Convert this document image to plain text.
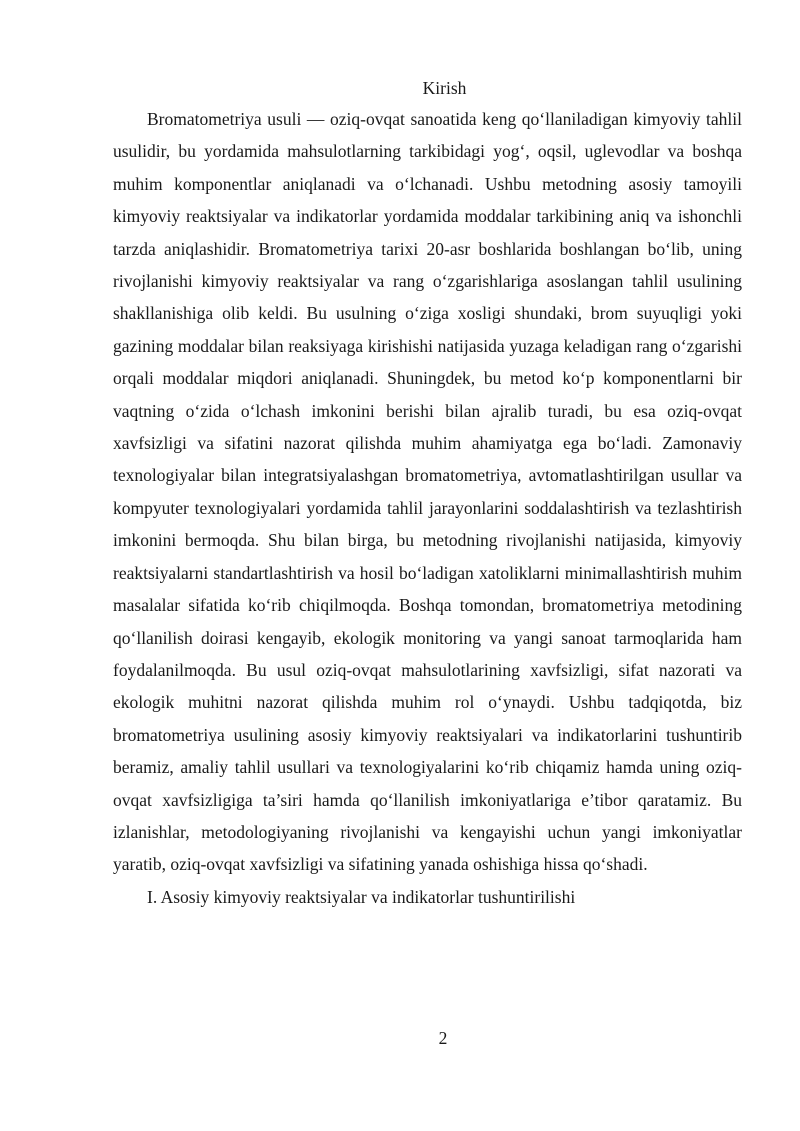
Kirish

Bromatometriya usuli — oziq-ovqat sanoatida keng qo‘llaniladigan kimyoviy tahlil usulidir, bu yordamida mahsulotlarning tarkibidagi yog‘, oqsil, uglevodlar va boshqa muhim komponentlar aniqlanadi va o‘lchanadi. Ushbu metodning asosiy tamoyili kimyoviy reaktsiyalar va indikatorlar yordamida moddalar tarkibining aniq va ishonchli tarzda aniqlashidir. Bromatometriya tarixi 20-asr boshlarida boshlangan bo‘lib, uning rivojlanishi kimyoviy reaktsiyalar va rang o‘zgarishlariga asoslangan tahlil usulining shakllanishiga olib keldi. Bu usulning o‘ziga xosligi shundaki, brom suyuqligi yoki gazining moddalar bilan reaksiyaga kirishishi natijasida yuzaga keladigan rang o‘zgarishi orqali moddalar miqdori aniqlanadi. Shuningdek, bu metod ko‘p komponentlarni bir vaqtning o‘zida o‘lchash imkonini berishi bilan ajralib turadi, bu esa oziq-ovqat xavfsizligi va sifatini nazorat qilishda muhim ahamiyatga ega bo‘ladi. Zamonaviy texnologiyalar bilan integratsiyalashgan bromatometriya, avtomatlashtirilgan usullar va kompyuter texnologiyalari yordamida tahlil jarayonlarini soddalashtirish va tezlashtirish imkonini bermoqda. Shu bilan birga, bu metodning rivojlanishi natijasida, kimyoviy reaktsiyalarni standartlashtirish va hosil bo‘ladigan xatoliklarni minimallashtirish muhim masalalar sifatida ko‘rib chiqilmoqda. Boshqa tomondan, bromatometriya metodining qo‘llanilish doirasi kengayib, ekologik monitoring va yangi sanoat tarmoqlarida ham foydalanilmoqda. Bu usul oziq-ovqat mahsulotlarining xavfsizligi, sifat nazorati va ekologik muhitni nazorat qilishda muhim rol o‘ynaydi. Ushbu tadqiqotda, biz bromatometriya usulining asosiy kimyoviy reaktsiyalari va indikatorlarini tushuntirib beramiz, amaliy tahlil usullari va texnologiyalarini ko‘rib chiqamiz hamda uning oziq-ovqat xavfsizligiga ta’siri hamda qo‘llanilish imkoniyatlariga e’tibor qaratamiz. Bu izlanishlar, metodologiyaning rivojlanishi va kengayishi uchun yangi imkoniyatlar yaratib, oziq-ovqat xavfsizligi va sifatining yanada oshishiga hissa qo‘shadi.

I. Asosiy kimyoviy reaktsiyalar va indikatorlar tushuntirilishi

2
